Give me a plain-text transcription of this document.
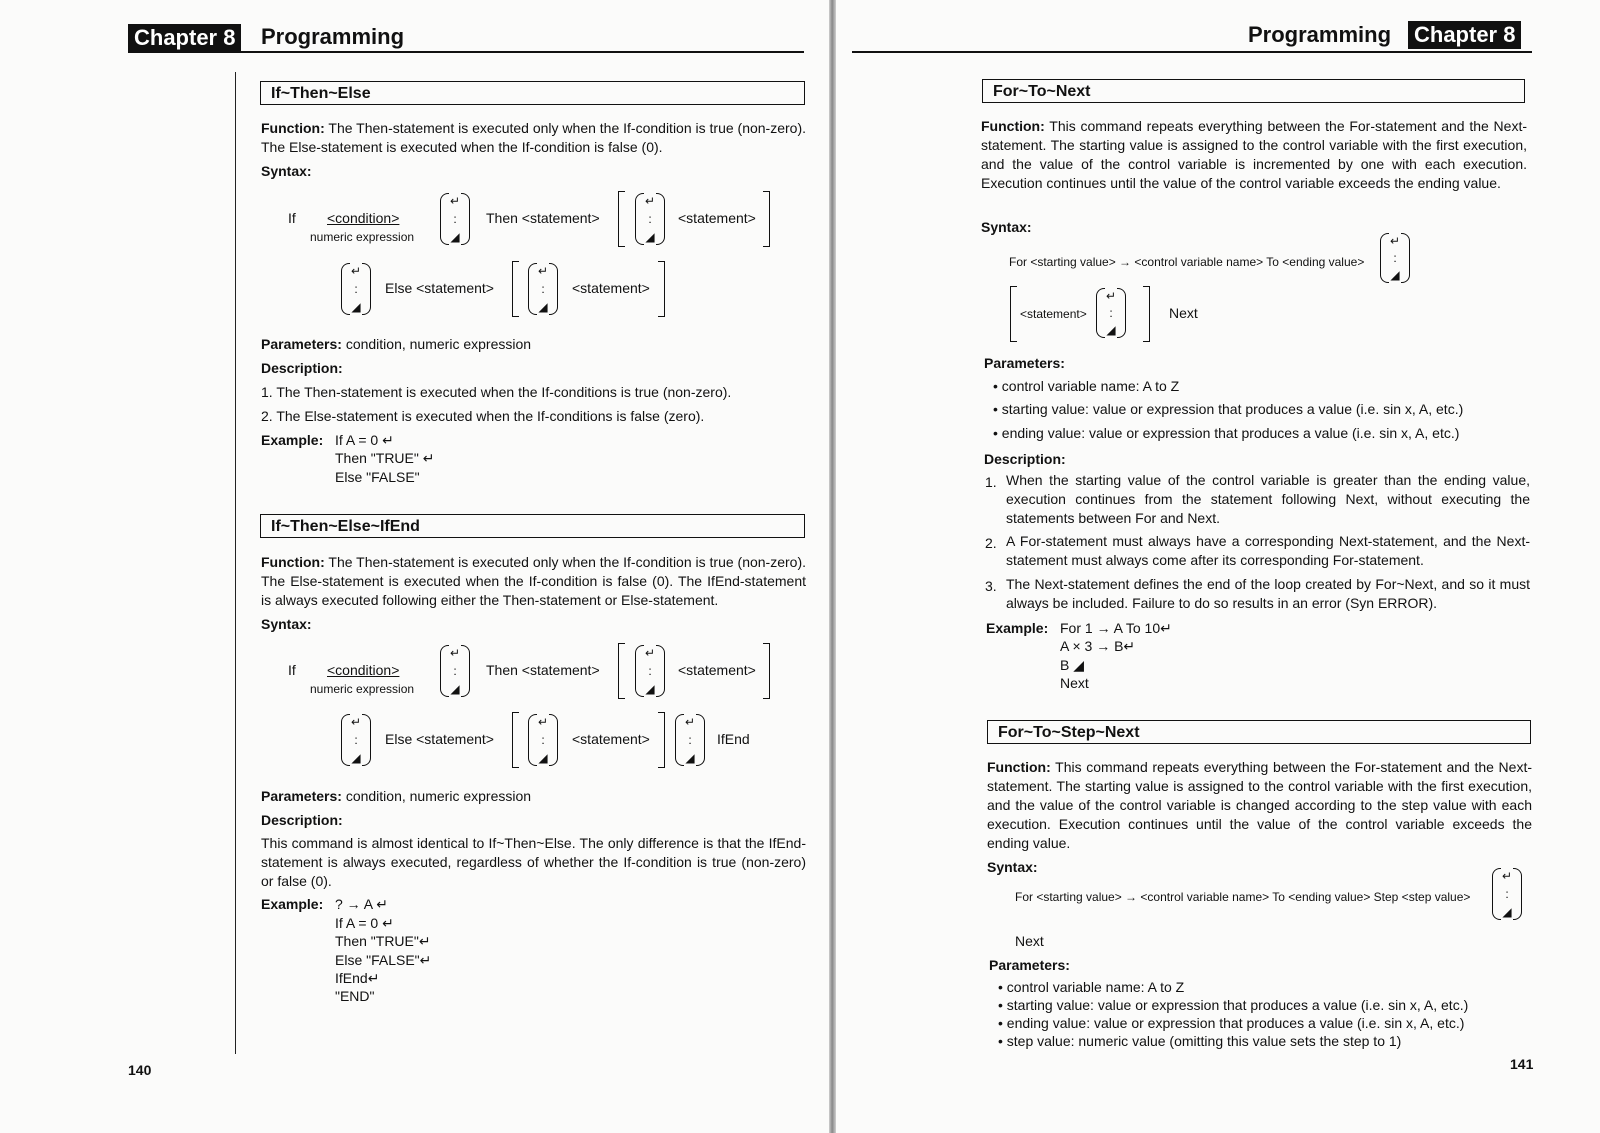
Chapter 8 Programming
If~Then~Else
Function: The Then-statement is executed only when the If-condition is true (non-zero). The Else-statement is executed when the If-condition is false (0).
Syntax:
If <condition>
numeric expression
↵
:
◢
Then <statement>
↵
:
◢
<statement>
↵
:
◢
Else <statement>
↵
:
◢
<statement>
Parameters: condition, numeric expression
Description:
1. The Then-statement is executed when the If-conditions is true (non-zero).
2. The Else-statement is executed when the If-conditions is false (zero).
Example: If A = 0 ↵
Then "TRUE" ↵
Else "FALSE"
If~Then~Else~IfEnd
Function: The Then-statement is executed only when the If-condition is true (non-zero). The Else-statement is executed when the If-condition is false (0). The IfEnd-statement is always executed following either the Then-statement or Else-statement.
Syntax:
If <condition>
numeric expression
↵
:
◢
Then <statement>
↵
:
◢
<statement>
↵
:
◢
Else <statement>
↵
:
◢
<statement>
↵
:
◢
IfEnd
Parameters: condition, numeric expression
Description:
This command is almost identical to If~Then~Else. The only difference is that the IfEnd-statement is always executed, regardless of whether the If-condition is true (non-zero) or false (0).
Example: ? → A ↵
If A = 0 ↵
Then "TRUE"↵
Else "FALSE"↵
IfEnd↵
"END"
140
Programming Chapter 8
For~To~Next
Function: This command repeats everything between the For-statement and the Next-statement. The starting value is assigned to the control variable with the first execution, and the value of the control variable is incremented by one with each execution. Execution continues until the value of the control variable exceeds the ending value.
Syntax:
For <starting value> → <control variable name> To <ending value>
↵
:
◢
<statement>
↵
:
◢
Next
Parameters:
• control variable name: A to Z
• starting value: value or expression that produces a value (i.e. sin x, A, etc.)
• ending value: value or expression that produces a value (i.e. sin x, A, etc.)
Description:
1. When the starting value of the control variable is greater than the ending value, execution continues from the statement following Next, without executing the statements between For and Next.
2. A For-statement must always have a corresponding Next-statement, and the Next-statement must always come after its corresponding For-statement.
3. The Next-statement defines the end of the loop created by For~Next, and so it must always be included. Failure to do so results in an error (Syn ERROR).
Example: For 1 → A To 10↵
A × 3 → B↵
B ◢
Next
For~To~Step~Next
Function: This command repeats everything between the For-statement and the Next-statement. The starting value is assigned to the control variable with the first execution, and the value of the control variable is changed according to the step value with each execution. Execution continues until the value of the control variable exceeds the ending value.
Syntax:
For <starting value> → <control variable name> To <ending value> Step <step value>
↵
:
◢
Next
Parameters:
• control variable name: A to Z
• starting value: value or expression that produces a value (i.e. sin x, A, etc.)
• ending value: value or expression that produces a value (i.e. sin x, A, etc.)
• step value: numeric value (omitting this value sets the step to 1)
141
